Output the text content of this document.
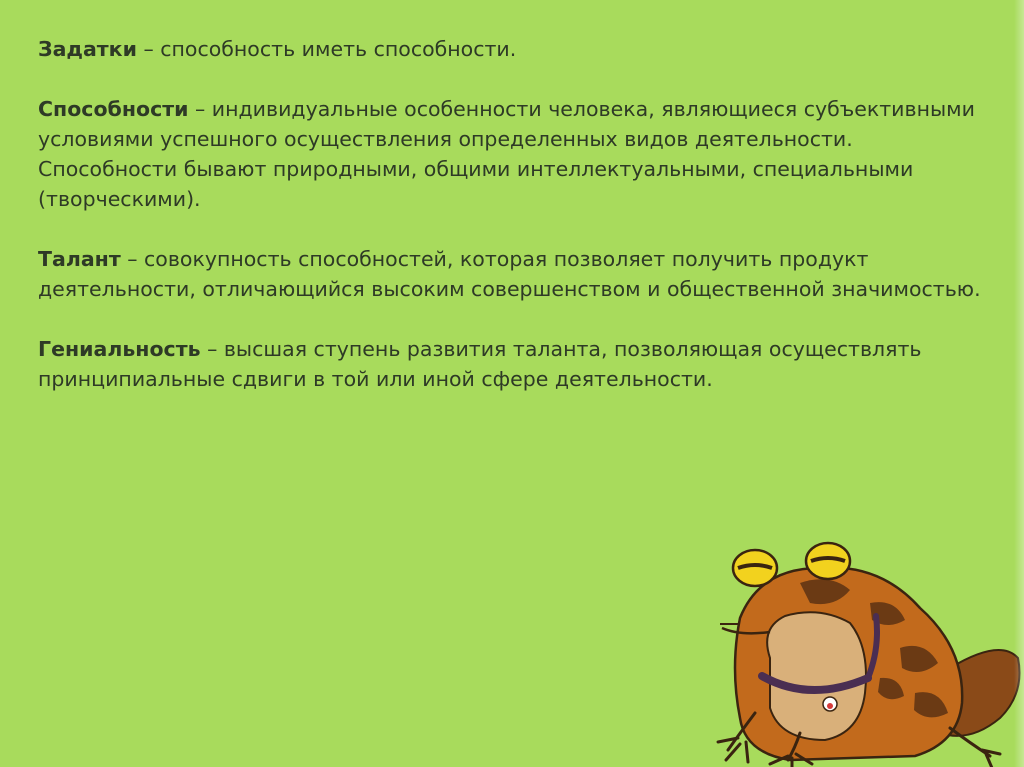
Задатки – способность иметь способности.

Способности – индивидуальные особенности человека, являющиеся субъективными условиями успешного осуществления определенных видов деятельности.

Способности бывают природными, общими интеллектуальными, специальными (творческими).

Талант – совокупность способностей, которая позволяет получить продукт деятельности, отличающийся высоким совершенством и общественной значимостью.

Гениальность – высшая ступень развития таланта, позволяющая осуществлять принципиальные сдвиги в той или иной сфере деятельности.
